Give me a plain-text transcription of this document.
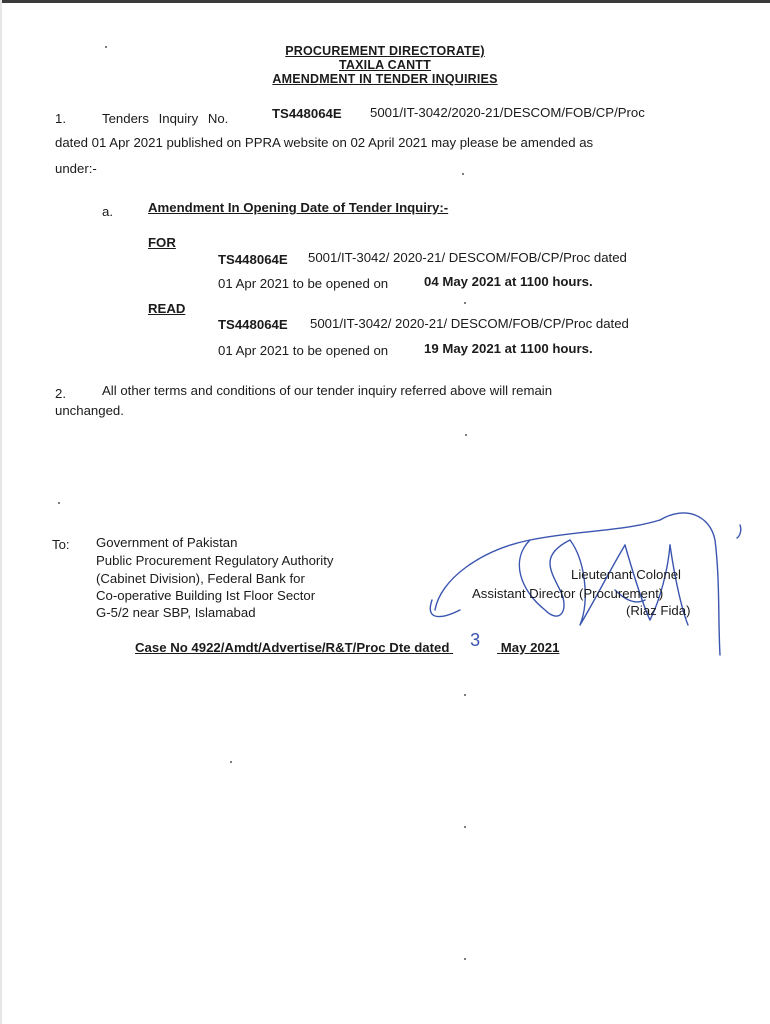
PROCUREMENT DIRECTORATE)
TAXILA CANTT
AMENDMENT IN TENDER INQUIRIES
1.	Tenders Inquiry No.	TS448064E 5001/IT-3042/2020-21/DESCOM/FOB/CP/Proc
dated 01 Apr 2021 published on PPRA website on 02 April 2021 may please be amended as
under:-
a.	Amendment In Opening Date of Tender Inquiry:-
FOR
TS448064E 5001/IT-3042/ 2020-21/ DESCOM/FOB/CP/Proc dated
01 Apr 2021 to be opened on	04 May 2021 at 1100 hours.
READ
TS448064E 5001/IT-3042/ 2020-21/ DESCOM/FOB/CP/Proc dated
01 Apr 2021 to be opened on	19 May 2021 at 1100 hours.
2.	All other terms and conditions of our tender inquiry referred above will remain
unchanged.
To: Government of Pakistan
Public Procurement Regulatory Authority
(Cabinet Division), Federal Bank for
Co-operative Building Ist Floor Sector
G-5/2 near SBP, Islamabad
Lieutenant Colonel
Assistant Director (Procurement)
(Riaz Fida)
Case No 4922/Amdt/Advertise/R&T/Proc Dte dated 3 May 2021
